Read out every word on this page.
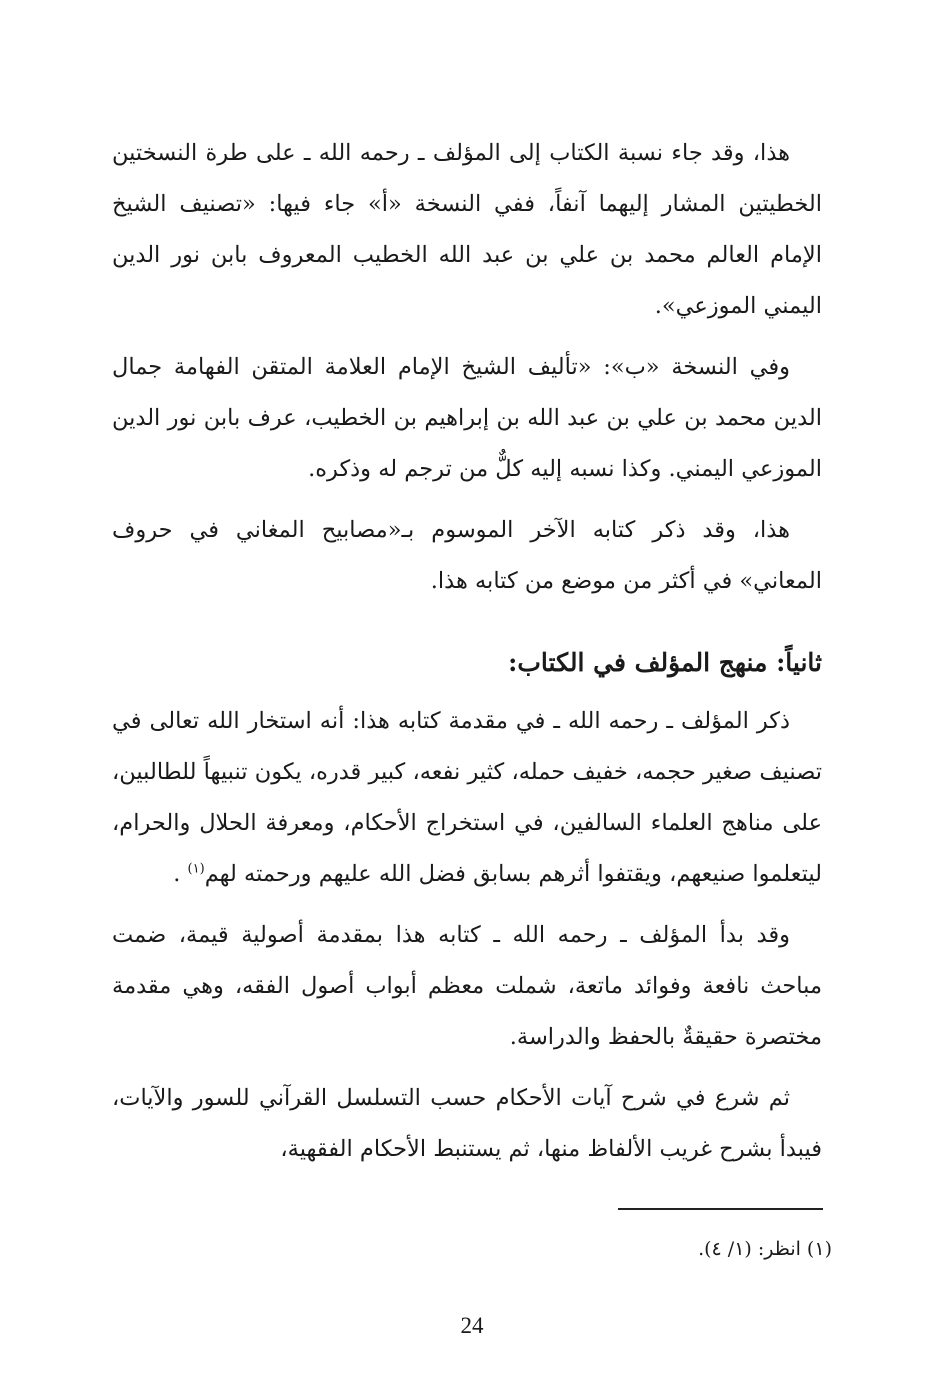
هذا، وقد جاء نسبة الكتاب إلى المؤلف ـ رحمه الله ـ على طرة النسختين الخطيتين المشار إليهما آنفاً، ففي النسخة «أ» جاء فيها: «تصنيف الشيخ الإمام العالم محمد بن علي بن عبد الله الخطيب المعروف بابن نور الدين اليمني الموزعي».

وفي النسخة «ب»: «تأليف الشيخ الإمام العلامة المتقن الفهامة جمال الدين محمد بن علي بن عبد الله بن إبراهيم بن الخطيب، عرف بابن نور الدين الموزعي اليمني. وكذا نسبه إليه كلٌّ من ترجم له وذكره.

هذا، وقد ذكر كتابه الآخر الموسوم بـ«مصابيح المغاني في حروف المعاني» في أكثر من موضع من كتابه هذا.

ثانياً: منهج المؤلف في الكتاب:

ذكر المؤلف ـ رحمه الله ـ في مقدمة كتابه هذا: أنه استخار الله تعالى في تصنيف صغير حجمه، خفيف حمله، كثير نفعه، كبير قدره، يكون تنبيهاً للطالبين، على مناهج العلماء السالفين، في استخراج الأحكام، ومعرفة الحلال والحرام، ليتعلموا صنيعهم، ويقتفوا أثرهم بسابق فضل الله عليهم ورحمته لهم$^{(١)}$ .

وقد بدأ المؤلف ـ رحمه الله ـ كتابه هذا بمقدمة أصولية قيمة، ضمت مباحث نافعة وفوائد ماتعة، شملت معظم أبواب أصول الفقه، وهي مقدمة مختصرة حقيقةٌ بالحفظ والدراسة.

ثم شرع في شرح آيات الأحكام حسب التسلسل القرآني للسور والآيات، فيبدأ بشرح غريب الألفاظ منها، ثم يستنبط الأحكام الفقهية،

(١) انظر: (١/ ٤).
24
